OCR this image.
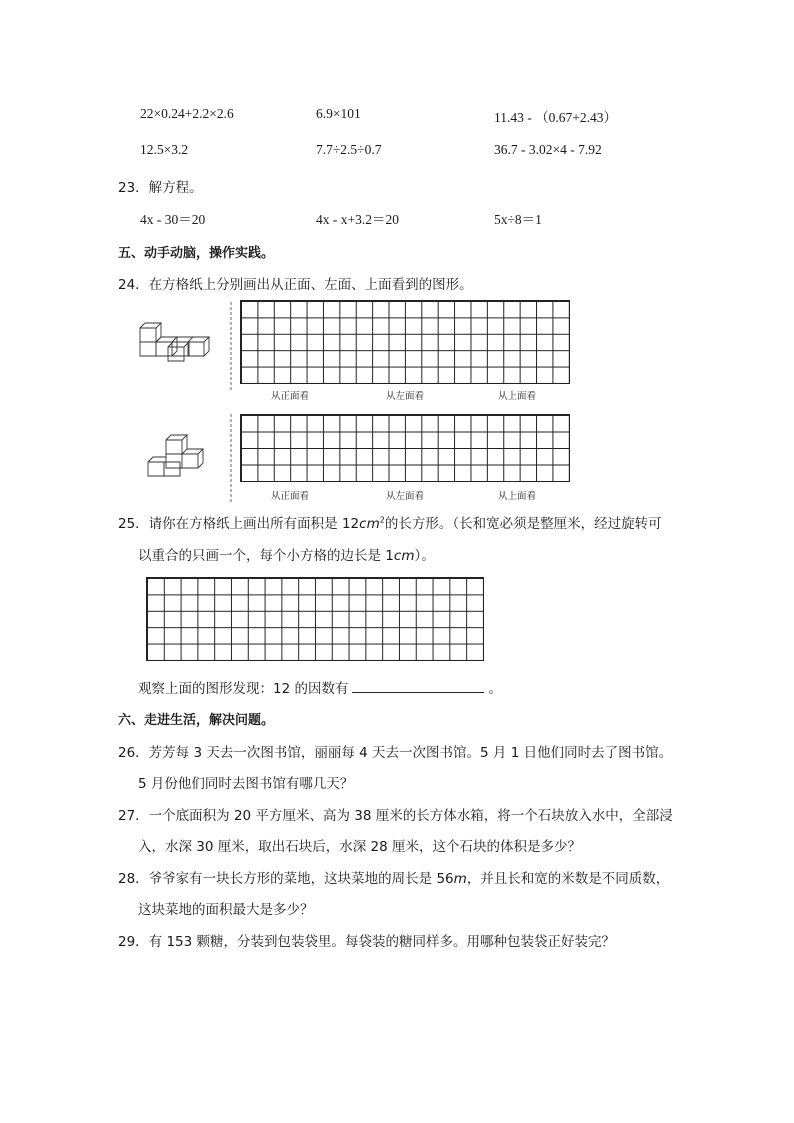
22×0.24+2.2×2.6	6.9×101	11.43 - （0.67+2.43）
12.5×3.2	7.7÷2.5÷0.7	36.7 - 3.02×4 - 7.92
23．解方程。
4x - 30＝20	4x - x+3.2＝20	5x÷8＝1
五、动手动脑，操作实践。
24．在方格纸上分别画出从正面、左面、上面看到的图形。
从正面看	从左面看	从上面看
从正面看	从左面看	从上面看
25．请你在方格纸上画出所有面积是 $12cm^2$的长方形。（长和宽必须是整厘米，经过旋转可
以重合的只画一个，每个小方格的边长是 1cm）。
观察上面的图形发现：12 的因数有	。
六、走进生活，解决问题。
26．芳芳每 3 天去一次图书馆，丽丽每 4 天去一次图书馆。5 月 1 日他们同时去了图书馆。
5 月份他们同时去图书馆有哪几天？
27．一个底面积为 20 平方厘米、高为 38 厘米的长方体水箱，将一个石块放入水中，全部浸
入，水深 30 厘米，取出石块后，水深 28 厘米，这个石块的体积是多少？
28．爷爷家有一块长方形的菜地，这块菜地的周长是 56m，并且长和宽的米数是不同质数，
这块菜地的面积最大是多少？
29．有 153 颗糖，分装到包装袋里。每袋装的糖同样多。用哪种包装袋正好装完？
